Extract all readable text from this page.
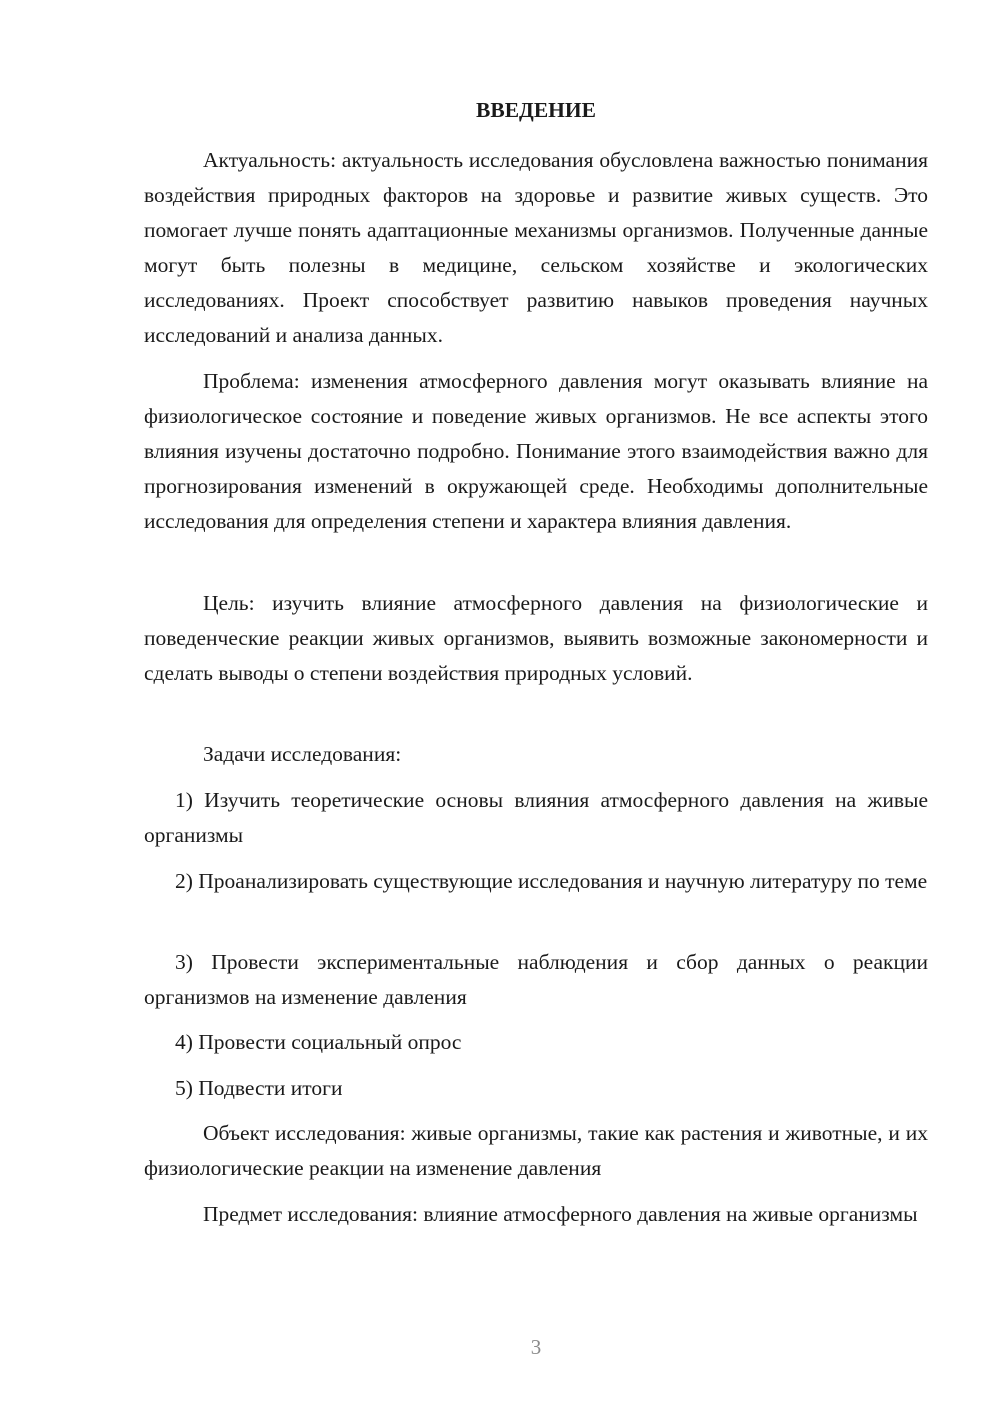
ВВЕДЕНИЕ

Актуальность: актуальность исследования обусловлена важностью понимания воздействия природных факторов на здоровье и развитие живых существ. Это помогает лучше понять адаптационные механизмы организмов. Полученные данные могут быть полезны в медицине, сельском хозяйстве и экологических исследованиях. Проект способствует развитию навыков проведения научных исследований и анализа данных.

Проблема: изменения атмосферного давления могут оказывать влияние на физиологическое состояние и поведение живых организмов. Не все аспекты этого влияния изучены достаточно подробно. Понимание этого взаимодействия важно для прогнозирования изменений в окружающей среде. Необходимы дополнительные исследования для определения степени и характера влияния давления.

Цель: изучить влияние атмосферного давления на физиологические и поведенческие реакции живых организмов, выявить возможные закономерности и сделать выводы о степени воздействия природных условий.

Задачи исследования:

1) Изучить теоретические основы влияния атмосферного давления на живые организмы

2) Проанализировать существующие исследования и научную литературу по теме

3) Провести экспериментальные наблюдения и сбор данных о реакции организмов на изменение давления

4) Провести социальный опрос

5) Подвести итоги

Объект исследования: живые организмы, такие как растения и животные, и их физиологические реакции на изменение давления

Предмет исследования: влияние атмосферного давления на живые организмы

3
